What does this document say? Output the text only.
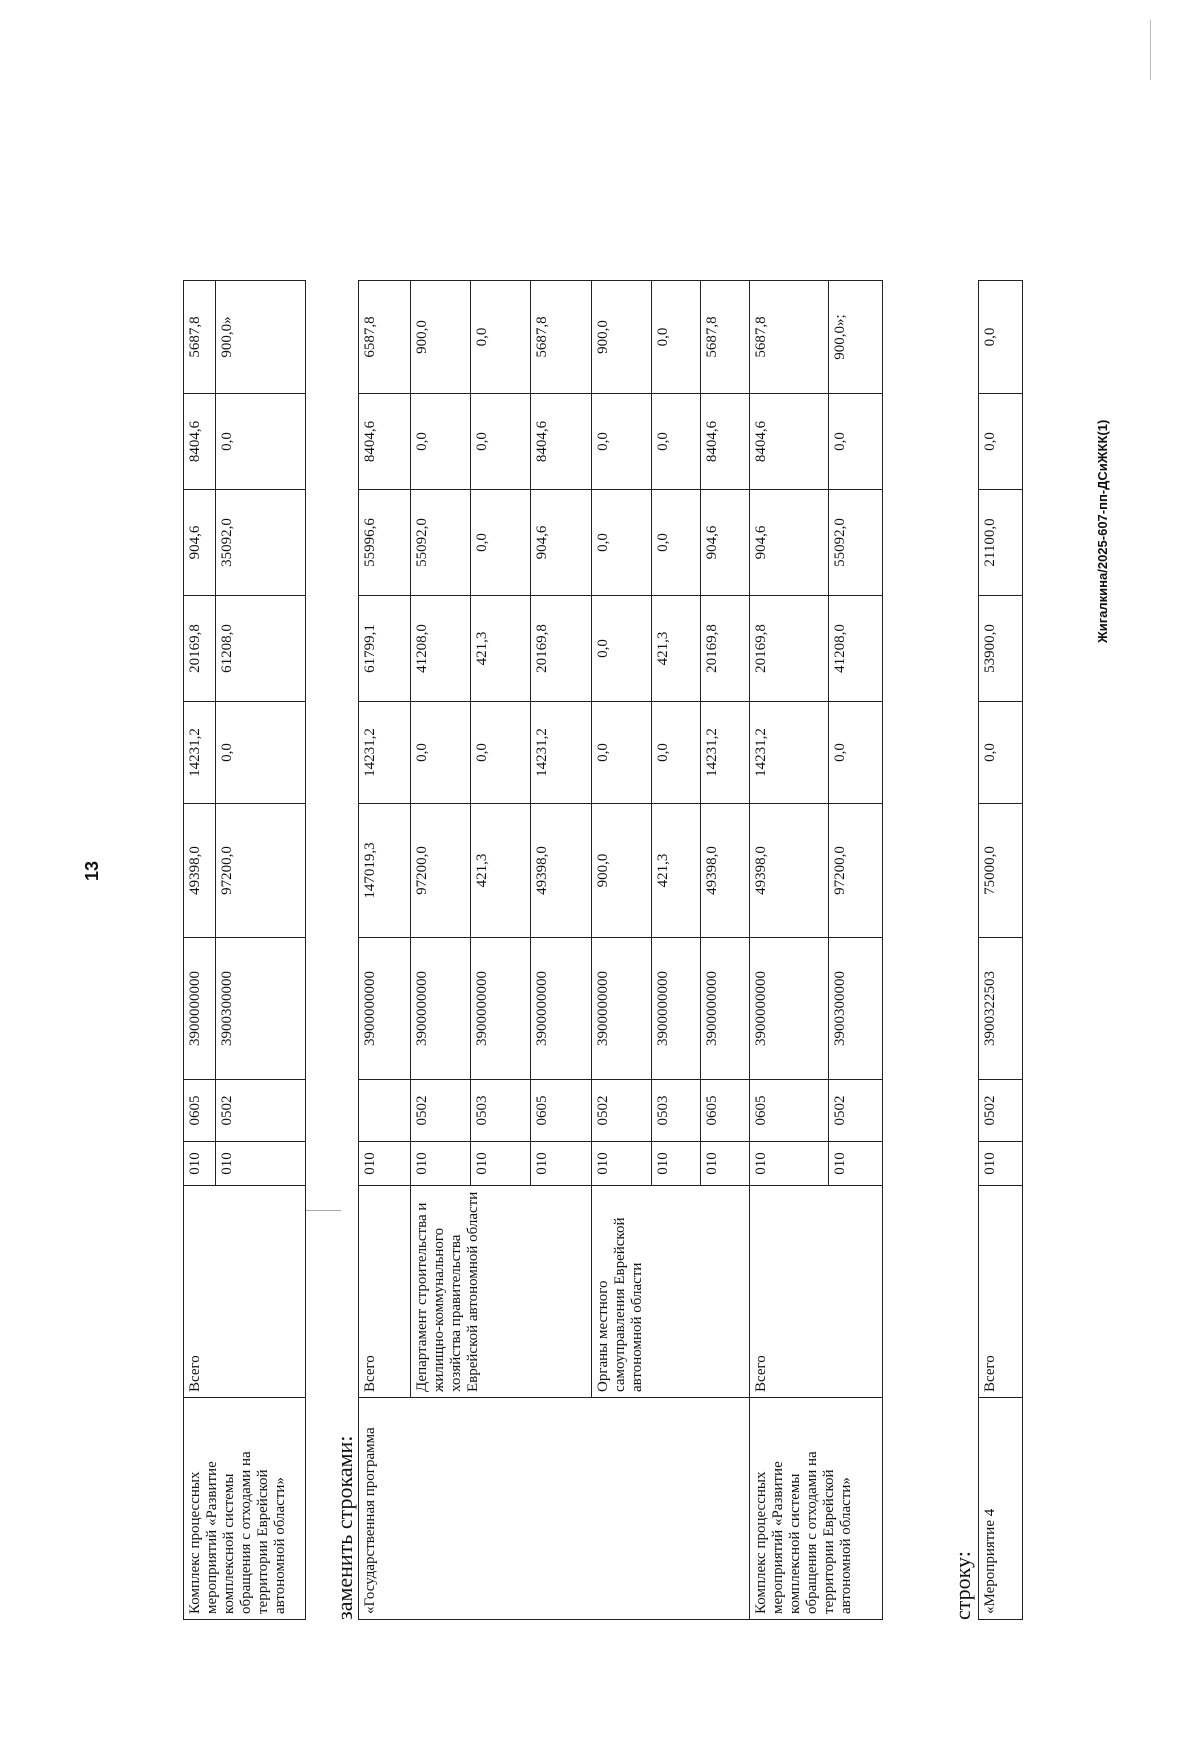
13
Комплекс процессных мероприятий «Развитие комплексной системы обращения с отходами на территории Еврейской автономной области»	Всего	010	0605	3900000000	49398,0	14231,2	20169,8	904,6	8404,6	5687,8
		010	0502	3900300000	97200,0	0,0	61208,0	35092,0	0,0	900,0»
заменить строками: «Государственная программа	Всего	010		3900000000	147019,3	14231,2	61799,1	55996,6	8404,6	6587,8
	Департамент строительства и жилищно-коммунального хозяйства правительства Еврейской автономной области	010	0502	3900000000	97200,0	0,0	41208,0	55092,0	0,0	900,0
		010	0503	3900000000	421,3	0,0	421,3	0,0	0,0	0,0
		010	0605	3900000000	49398,0	14231,2	20169,8	904,6	8404,6	5687,8
	Органы местного самоуправления Еврейской автономной области	010	0502	3900000000	900,0	0,0	0,0	0,0	0,0	900,0
		010	0503	3900000000	421,3	0,0	421,3	0,0	0,0	0,0
		010	0605	3900000000	49398,0	14231,2	20169,8	904,6	8404,6	5687,8
Комплекс процессных мероприятий «Развитие комплексной системы обращения с отходами на территории Еврейской автономной области»	Всего	010	0605	3900000000	49398,0	14231,2	20169,8	904,6	8404,6	5687,8
		010	0502	3900300000	97200,0	0,0	41208,0	55092,0	0,0	900,0»;
строку: «Мероприятие 4	Всего	010	0502	3900322503	75000,0	0,0	53900,0	21100,0	0,0	0,0
Жигалкина/2025-607-пп-ДСиЖКК(1)
